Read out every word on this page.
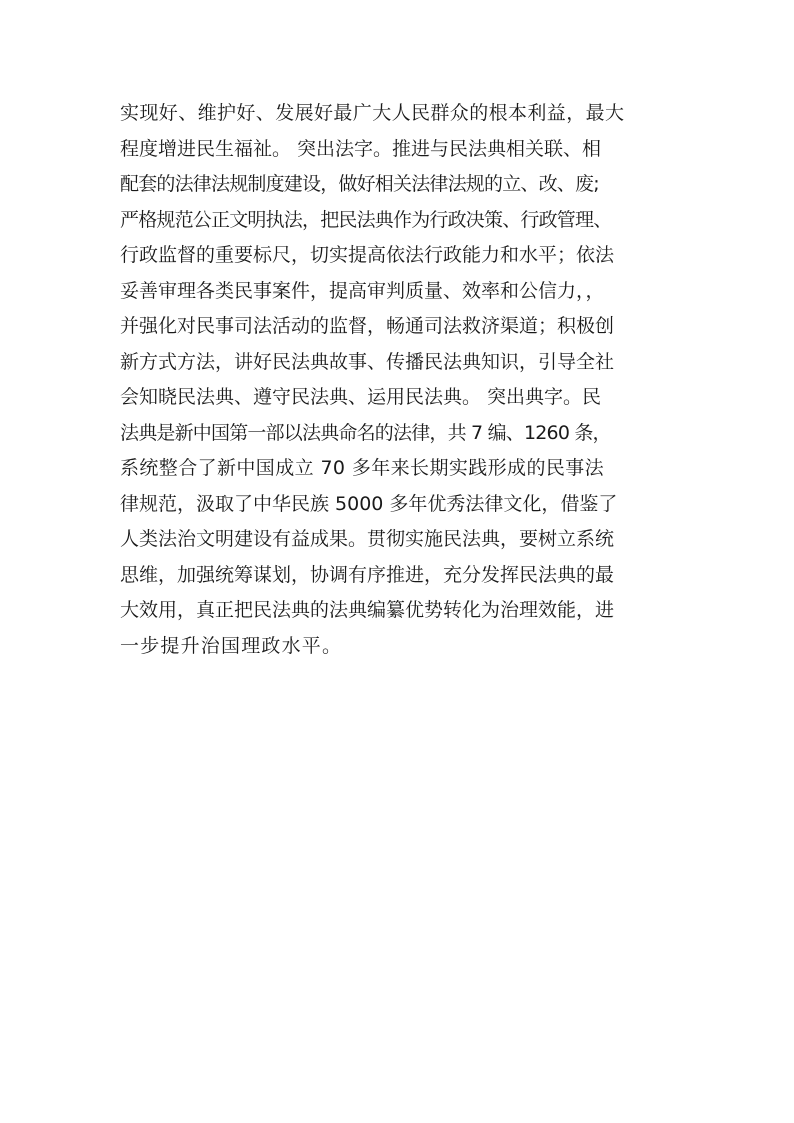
实现好、维护好、发展好最广大人民群众的根本利益，最大
程度增进民生福祉。 突出法字。推进与民法典相关联、相
配套的法律法规制度建设，做好相关法律法规的立、改、废;
严格规范公正文明执法，把民法典作为行政决策、行政管理、
行政监督的重要标尺，切实提高依法行政能力和水平；依法
妥善审理各类民事案件，提高审判质量、效率和公信力，，
并强化对民事司法活动的监督，畅通司法救济渠道；积极创
新方式方法，讲好民法典故事、传播民法典知识，引导全社
会知晓民法典、遵守民法典、运用民法典。 突出典字。民
法典是新中国第一部以法典命名的法律，共 7 编、1260 条，
系统整合了新中国成立 70 多年来长期实践形成的民事法
律规范，汲取了中华民族 5000 多年优秀法律文化，借鉴了
人类法治文明建设有益成果。贯彻实施民法典，要树立系统
思维，加强统筹谋划，协调有序推进，充分发挥民法典的最
大效用，真正把民法典的法典编纂优势转化为治理效能，进
一步提升治国理政水平。
